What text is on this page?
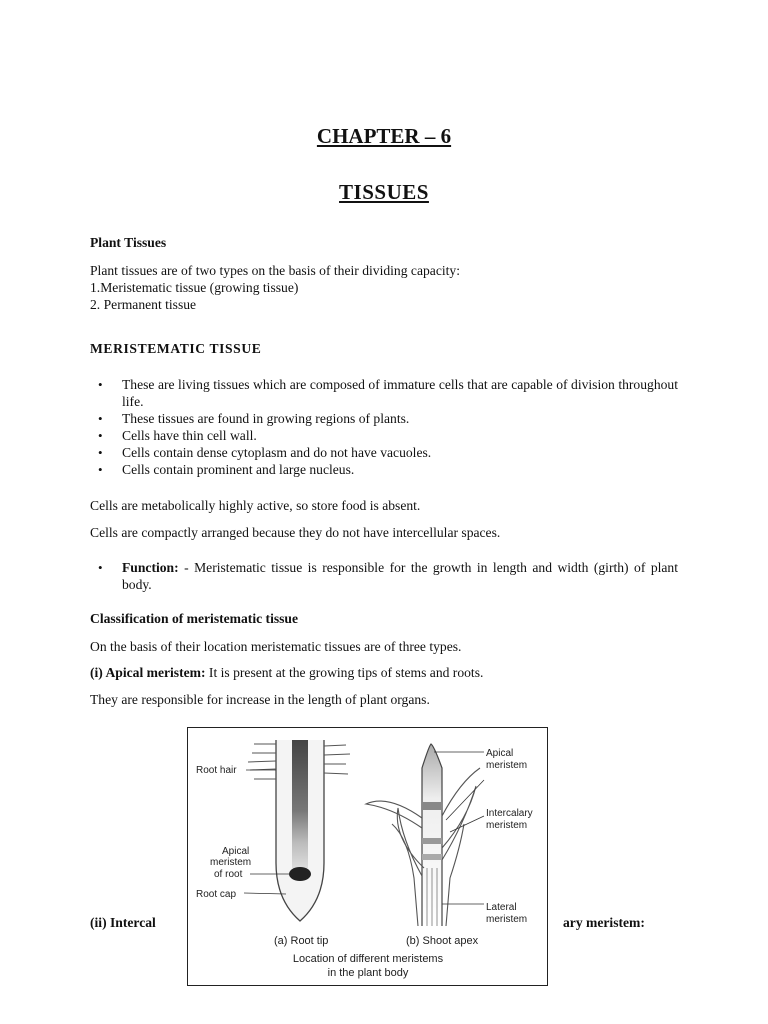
CHAPTER – 6
TISSUES

Plant Tissues

Plant tissues are of two types on the basis of their dividing capacity:

1.Meristematic tissue (growing tissue)

2. Permanent tissue

MERISTEMATIC TISSUE

• These are living tissues which are composed of immature cells that are capable of division throughout life.
• These tissues are found in growing regions of plants.
• Cells have thin cell wall.
• Cells contain dense cytoplasm and do not have vacuoles.
• Cells contain prominent and large nucleus.

Cells are metabolically highly active, so store food is absent.

Cells are compactly arranged because they do not have intercellular spaces.

• Function: - Meristematic tissue is responsible for the growth in length and width (girth) of plant body.

Classification of meristematic tissue

On the basis of their location meristematic tissues are of three types.

(i) Apical meristem: It is present at the growing tips of stems and roots.

They are responsible for increase in the length of plant organs.

(ii) Intercal	ary meristem:

Root hair
Apical
meristem
of root
Root cap
Apical
meristem
Intercalary
meristem
Lateral
meristem
(a) Root tip	(b) Shoot apex
Location of different meristems
in the plant body
